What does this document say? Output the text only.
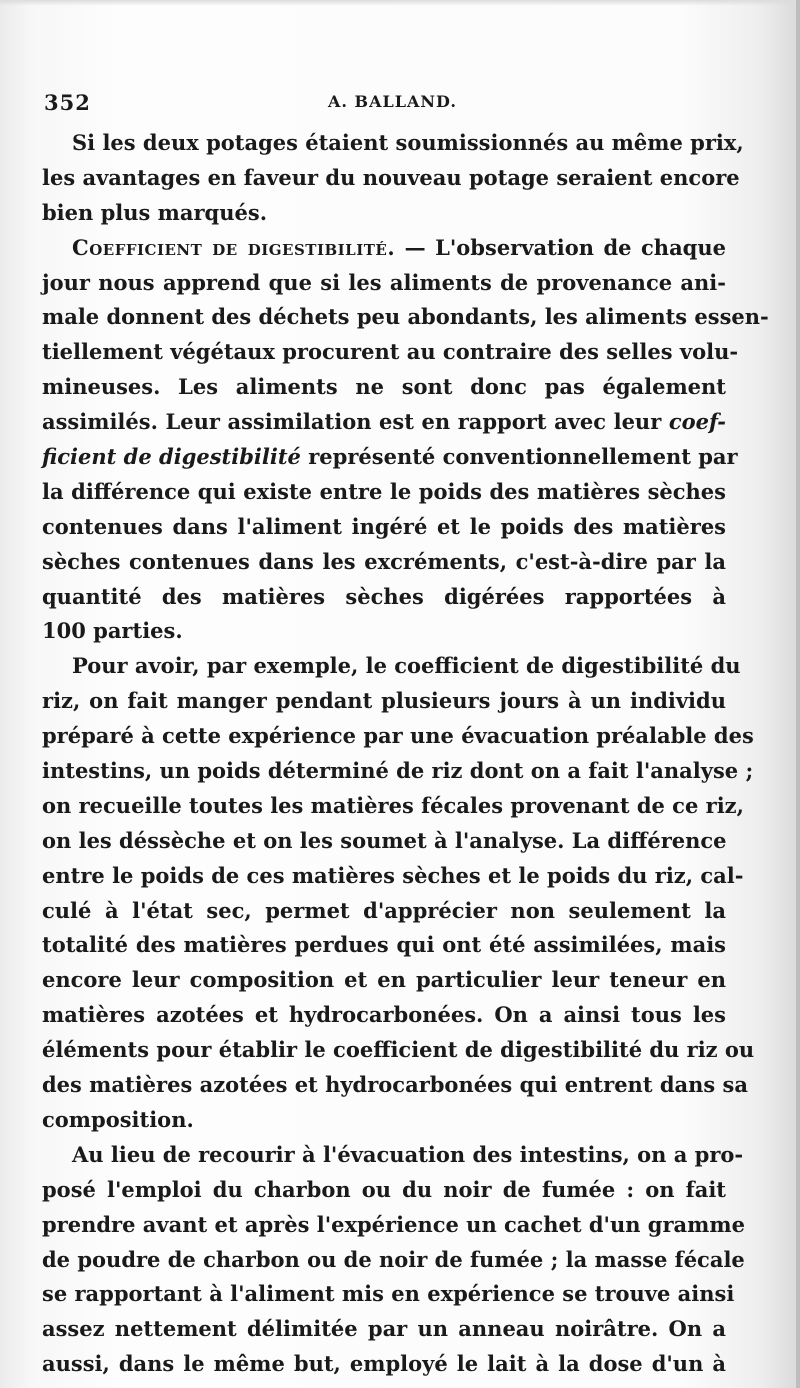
352	A. BALLAND.
Si les deux potages étaient soumissionnés au même prix,
les avantages en faveur du nouveau potage seraient encore
bien plus marqués.
Coefficient de digestibilité. — L'observation de chaque
jour nous apprend que si les aliments de provenance ani-
male donnent des déchets peu abondants, les aliments essen-
tiellement végétaux procurent au contraire des selles volu-
mineuses. Les aliments ne sont donc pas également
assimilés. Leur assimilation est en rapport avec leur coef-
ficient de digestibilité représenté conventionnellement par
la différence qui existe entre le poids des matières sèches
contenues dans l'aliment ingéré et le poids des matières
sèches contenues dans les excréments, c'est-à-dire par la
quantité des matières sèches digérées rapportées à
100 parties.
Pour avoir, par exemple, le coefficient de digestibilité du
riz, on fait manger pendant plusieurs jours à un individu
préparé à cette expérience par une évacuation préalable des
intestins, un poids déterminé de riz dont on a fait l'analyse ;
on recueille toutes les matières fécales provenant de ce riz,
on les déssèche et on les soumet à l'analyse. La différence
entre le poids de ces matières sèches et le poids du riz, cal-
culé à l'état sec, permet d'apprécier non seulement la
totalité des matières perdues qui ont été assimilées, mais
encore leur composition et en particulier leur teneur en
matières azotées et hydrocarbonées. On a ainsi tous les
éléments pour établir le coefficient de digestibilité du riz ou
des matières azotées et hydrocarbonées qui entrent dans sa
composition.
Au lieu de recourir à l'évacuation des intestins, on a pro-
posé l'emploi du charbon ou du noir de fumée : on fait
prendre avant et après l'expérience un cachet d'un gramme
de poudre de charbon ou de noir de fumée ; la masse fécale
se rapportant à l'aliment mis en expérience se trouve ainsi
assez nettement délimitée par un anneau noirâtre. On a
aussi, dans le même but, employé le lait à la dose d'un à
